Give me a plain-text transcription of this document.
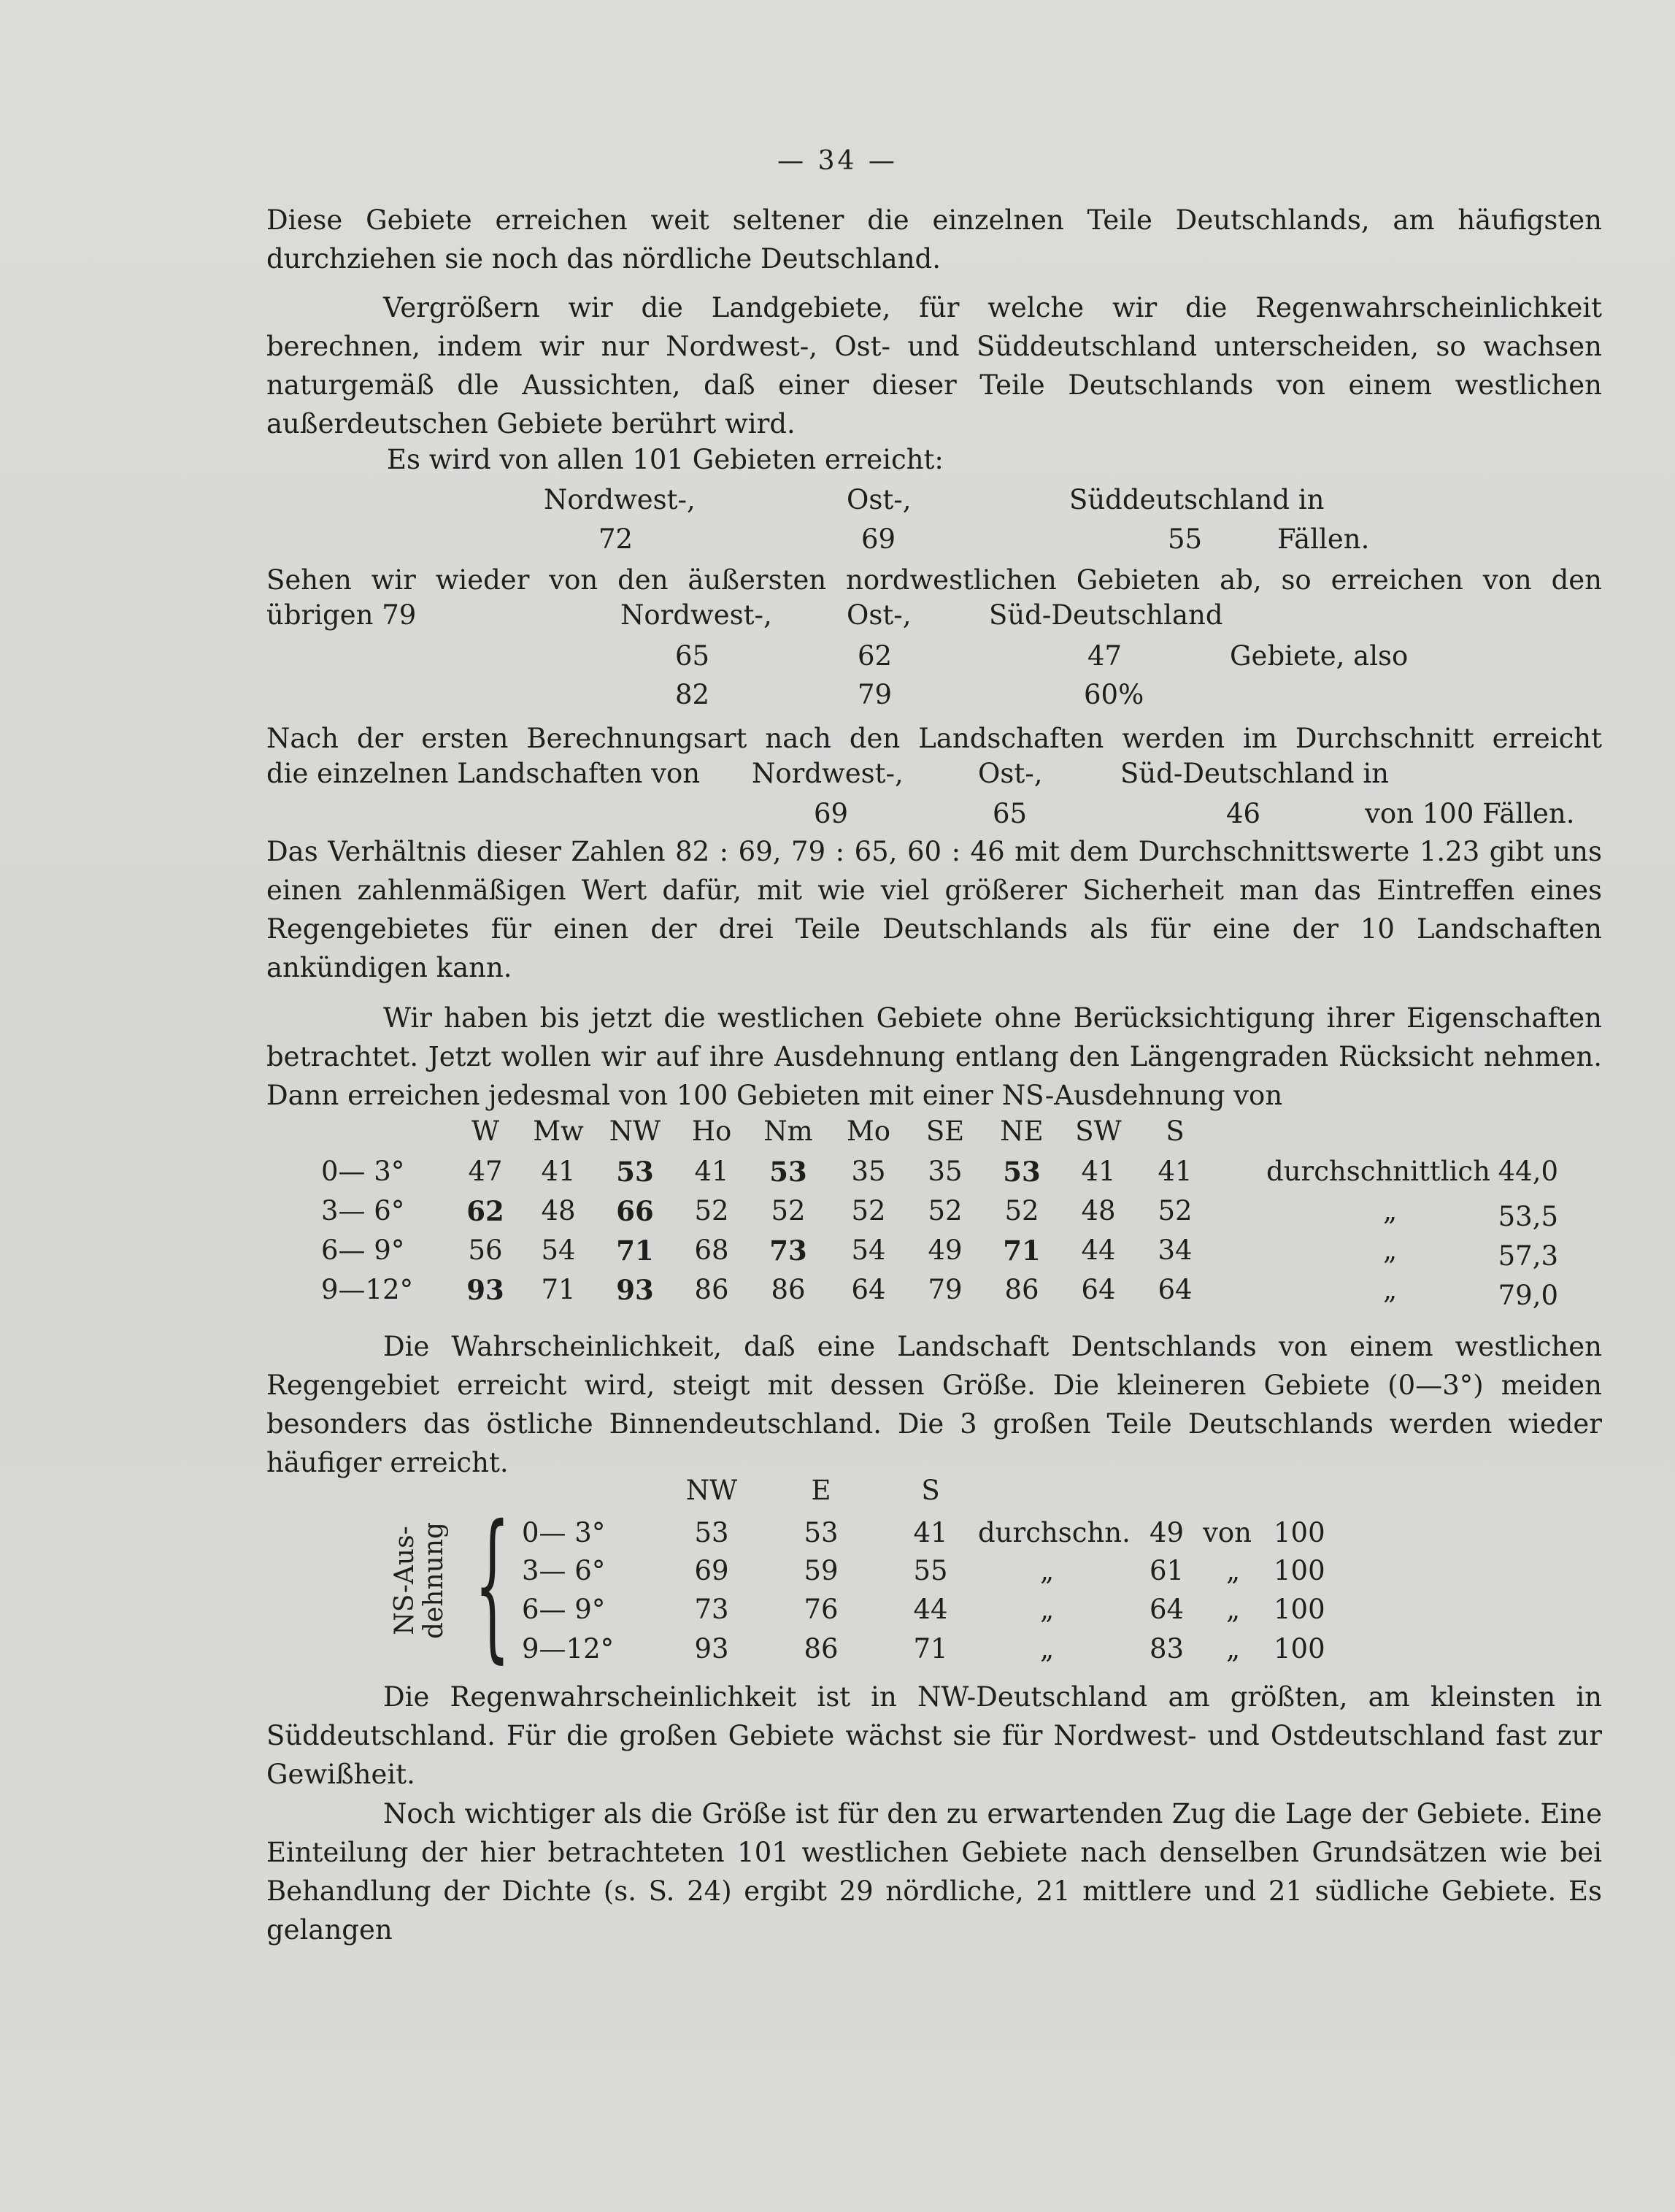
— 34 —
Diese Gebiete erreichen weit seltener die einzelnen Teile Deutschlands, am häufigsten durchziehen sie noch das nördliche Deutschland.
Vergrößern wir die Landgebiete, für welche wir die Regenwahrscheinlichkeit berechnen, indem wir nur Nordwest-, Ost- und Süddeutschland unterscheiden, so wachsen naturgemäß dle Aussichten, daß einer dieser Teile Deutschlands von einem westlichen außerdeutschen Gebiete berührt wird.
Es wird von allen 101 Gebieten erreicht:
Nordwest-,	Ost-,	Süddeutschland in
72	69	55	Fällen.
Sehen wir wieder von den äußersten nordwestlichen Gebieten ab, so erreichen von den
übrigen 79	Nordwest-,	Ost-,	Süd-Deutschland
65	62	47	Gebiete, also
82	79	60%
Nach der ersten Berechnungsart nach den Landschaften werden im Durchschnitt erreicht
die einzelnen Landschaften von Nordwest-,	Ost-,	Süd-Deutschland in
69	65	46	von 100 Fällen.
Das Verhältnis dieser Zahlen 82 : 69, 79 : 65, 60 : 46 mit dem Durchschnittswerte 1.23 gibt uns einen zahlenmäßigen Wert dafür, mit wie viel größerer Sicherheit man das Eintreffen eines Regengebietes für einen der drei Teile Deutschlands als für eine der 10 Landschaften ankündigen kann.
Wir haben bis jetzt die westlichen Gebiete ohne Berücksichtigung ihrer Eigenschaften betrachtet. Jetzt wollen wir auf ihre Ausdehnung entlang den Längengraden Rücksicht nehmen. Dann erreichen jedesmal von 100 Gebieten mit einer NS-Ausdehnung von
W	Mw NW	Ho	Nm	Mo	SE	NE	SW	S
0— 3°	47	41	53	41	53	35	35	53	41	41	durchschnittlich 44,0
3— 6°	62	48	66	52	52	52	52	52	48	52	„	53,5
6— 9°	56	54	71	68	73	54	49	71	44	34	„	57,3
9—12°	93	71	93	86	86	64	79	86	64	64	„	79,0
Die Wahrscheinlichkeit, daß eine Landschaft Dentschlands von einem westlichen Regengebiet erreicht wird, steigt mit dessen Größe. Die kleineren Gebiete (0—3°) meiden besonders das östliche Binnendeutschland. Die 3 großen Teile Deutschlands werden wieder häufiger erreicht.
NS-Aus- dehnung {
NW	E	S
0— 3°	53	53	41	durchschn. 49 von 100
3— 6°	69	59	55	„	61 „ 100
6— 9°	73	76	44	„	64 „ 100
9—12°	93	86	71	„	83 „ 100
Die Regenwahrscheinlichkeit ist in NW-Deutschland am größten, am kleinsten in Süddeutschland. Für die großen Gebiete wächst sie für Nordwest- und Ostdeutschland fast zur Gewißheit.
Noch wichtiger als die Größe ist für den zu erwartenden Zug die Lage der Gebiete. Eine Einteilung der hier betrachteten 101 westlichen Gebiete nach denselben Grundsätzen wie bei Behandlung der Dichte (s. S. 24) ergibt 29 nördliche, 21 mittlere und 21 südliche Gebiete. Es gelangen
